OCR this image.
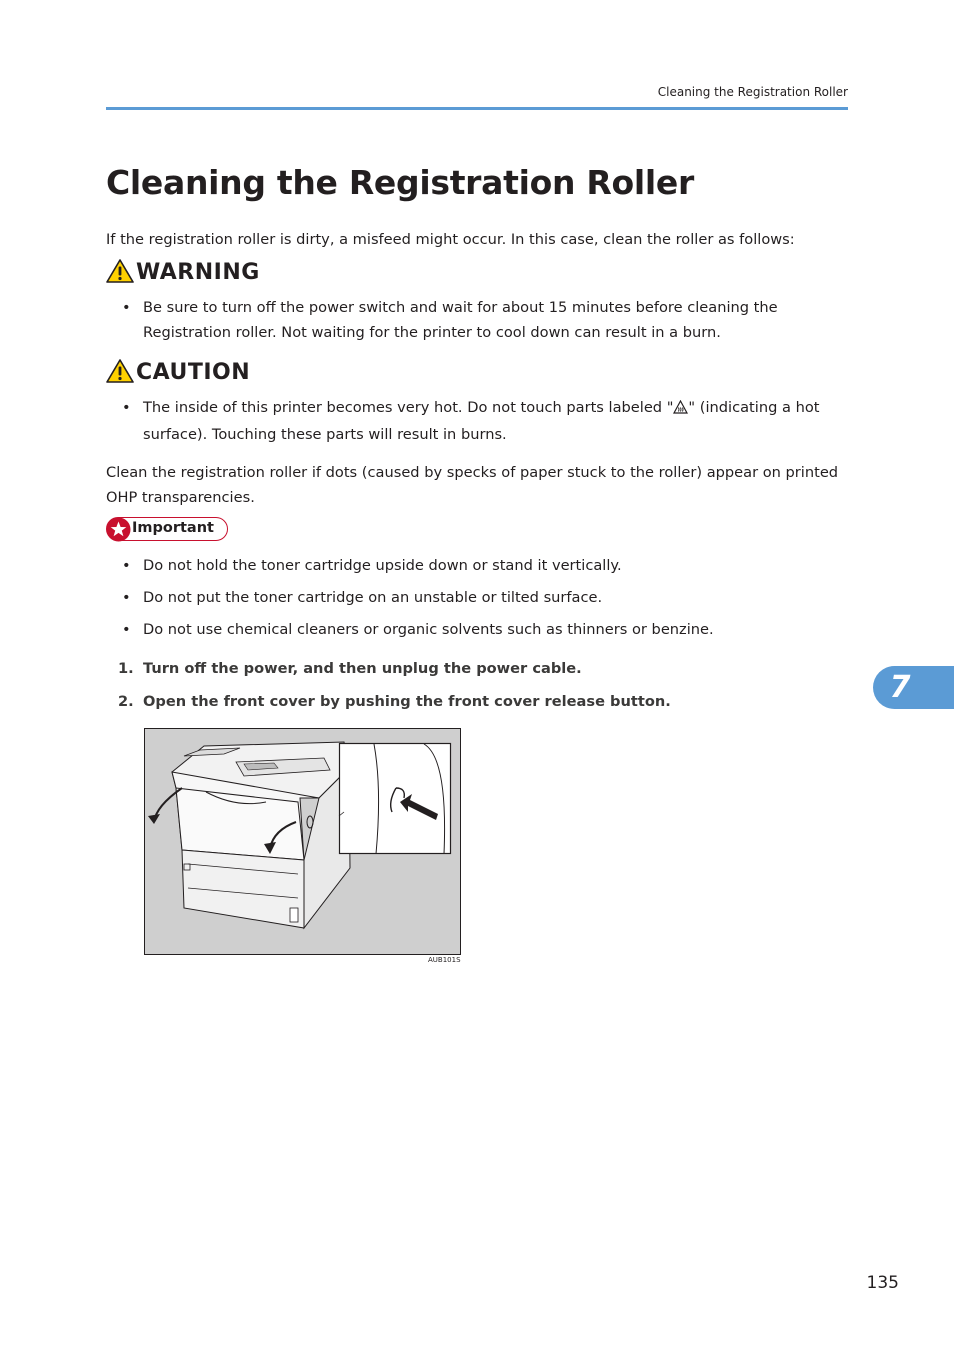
Cleaning the Registration Roller
Cleaning the Registration Roller

If the registration roller is dirty, a misfeed might occur. In this case, clean the roller as follows:

WARNING
• Be sure to turn off the power switch and wait for about 15 minutes before cleaning the Registration roller. Not waiting for the printer to cool down can result in a burn.
CAUTION
• The inside of this printer becomes very hot. Do not touch parts labeled " " (indicating a hot surface). Touching these parts will result in burns.

Clean the registration roller if dots (caused by specks of paper stuck to the roller) appear on printed OHP transparencies.

Important
• Do not hold the toner cartridge upside down or stand it vertically.
• Do not put the toner cartridge on an unstable or tilted surface.
• Do not use chemical cleaners or organic solvents such as thinners or benzine.
1. Turn off the power, and then unplug the power cable.
2. Open the front cover by pushing the front cover release button.
AUB101S
7
135
